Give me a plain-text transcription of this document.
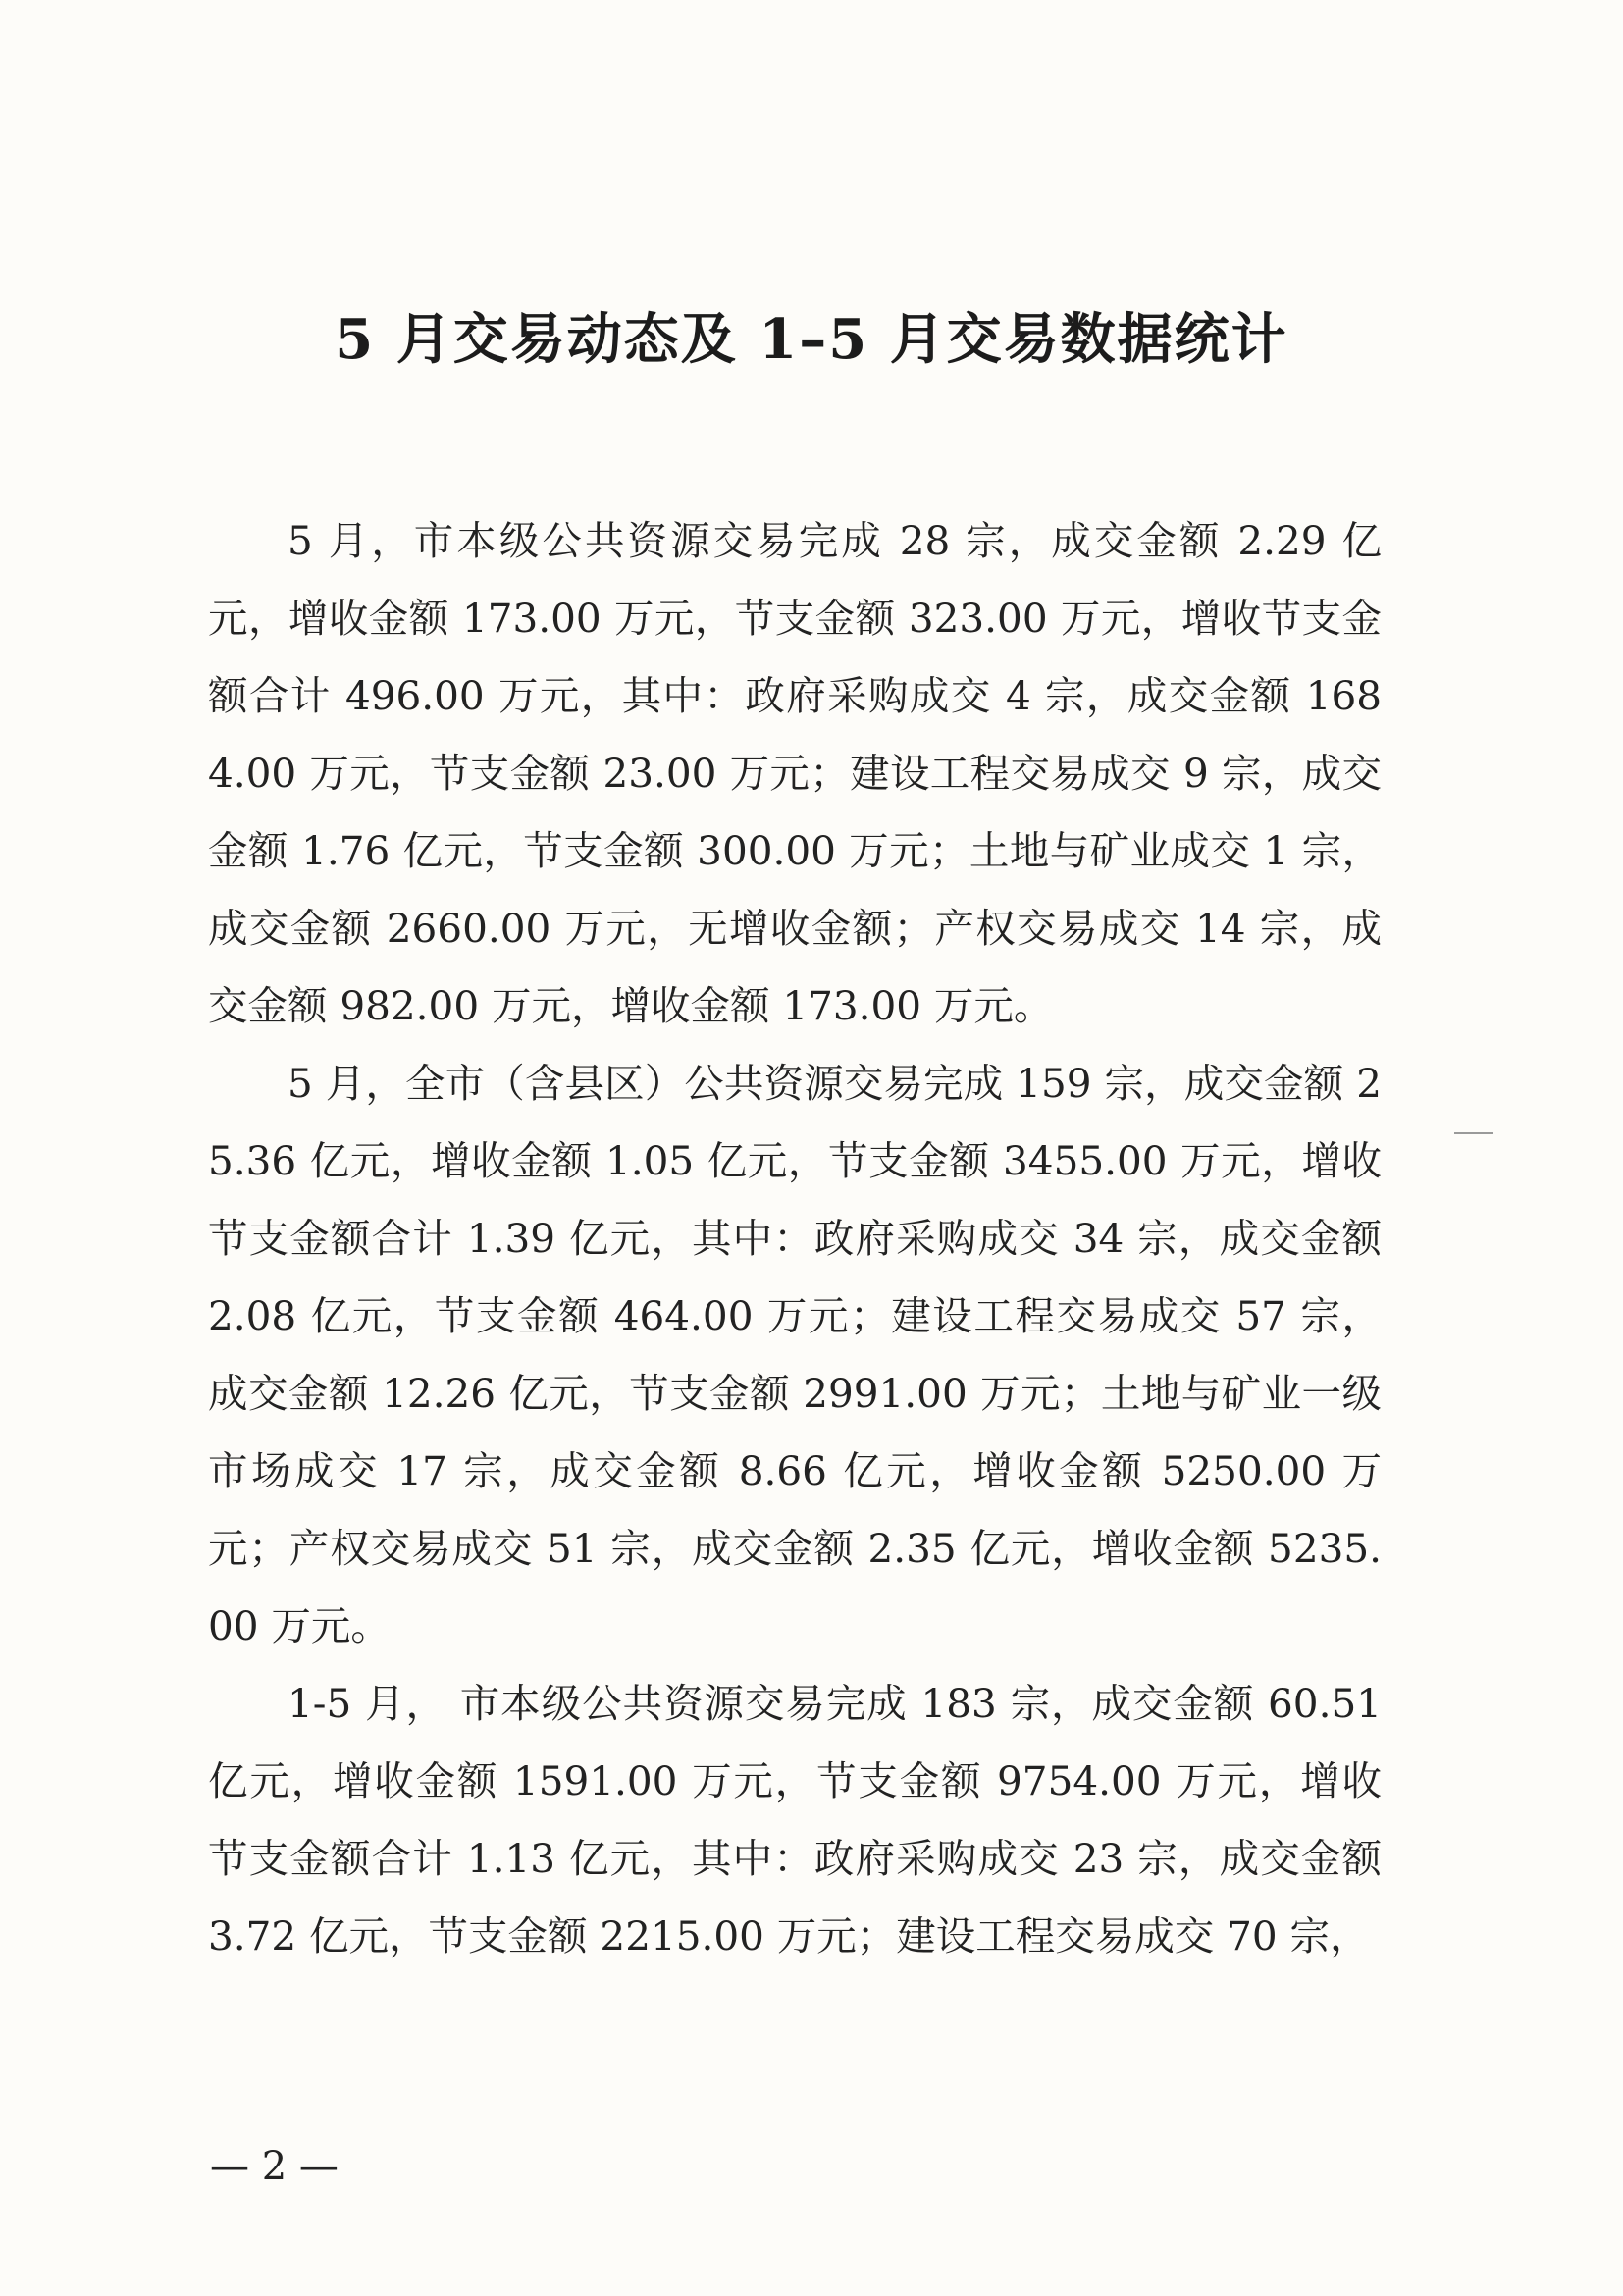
5 月交易动态及 1–5 月交易数据统计

5 月，市本级公共资源交易完成 28 宗，成交金额 2.29 亿元，增收金额 173.00 万元，节支金额 323.00 万元，增收节支金额合计 496.00 万元，其中：政府采购成交 4 宗，成交金额 1684.00 万元，节支金额 23.00 万元；建设工程交易成交 9 宗，成交金额 1.76 亿元，节支金额 300.00 万元；土地与矿业成交 1 宗，成交金额 2660.00 万元，无增收金额；产权交易成交 14 宗，成交金额 982.00 万元，增收金额 173.00 万元。

5 月，全市（含县区）公共资源交易完成 159 宗，成交金额 25.36 亿元，增收金额 1.05 亿元，节支金额 3455.00 万元，增收节支金额合计 1.39 亿元，其中：政府采购成交 34 宗，成交金额 2.08 亿元，节支金额 464.00 万元；建设工程交易成交 57 宗，成交金额 12.26 亿元，节支金额 2991.00 万元；土地与矿业一级市场成交 17 宗，成交金额 8.66 亿元，增收金额 5250.00 万元；产权交易成交 51 宗，成交金额 2.35 亿元，增收金额 5235.00 万元。

1-5 月， 市本级公共资源交易完成 183 宗，成交金额 60.51 亿元，增收金额 1591.00 万元，节支金额 9754.00 万元，增收节支金额合计 1.13 亿元，其中：政府采购成交 23 宗，成交金额 3.72 亿元，节支金额 2215.00 万元；建设工程交易成交 70 宗，

— 2 —
